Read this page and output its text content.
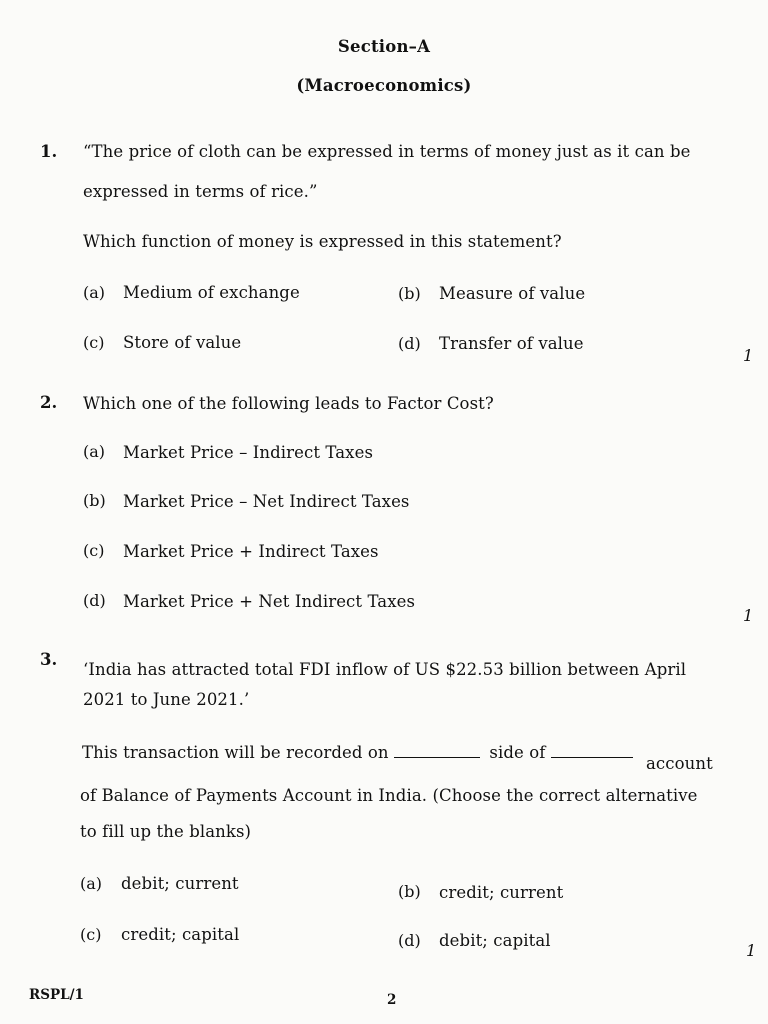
Section–A
(Macroeconomics)
1. “The price of cloth can be expressed in terms of money just as it can be
expressed in terms of rice.”
Which function of money is expressed in this statement?
(a) Medium of exchange	(b) Measure of value
(c) Store of value	(d) Transfer of value
1
2. Which one of the following leads to Factor Cost?
(a) Market Price – Indirect Taxes
(b) Market Price – Net Indirect Taxes
(c) Market Price + Indirect Taxes
(d) Market Price + Net Indirect Taxes
1
3.
‘India has attracted total FDI inflow of US $22.53 billion between April
2021 to June 2021.’
This transaction will be recorded on	side of
account
of Balance of Payments Account in India. (Choose the correct alternative
to fill up the blanks)
(a) debit; current	(b) credit; current
(c) credit; capital	(d) debit; capital
1
RSPL/1	2
